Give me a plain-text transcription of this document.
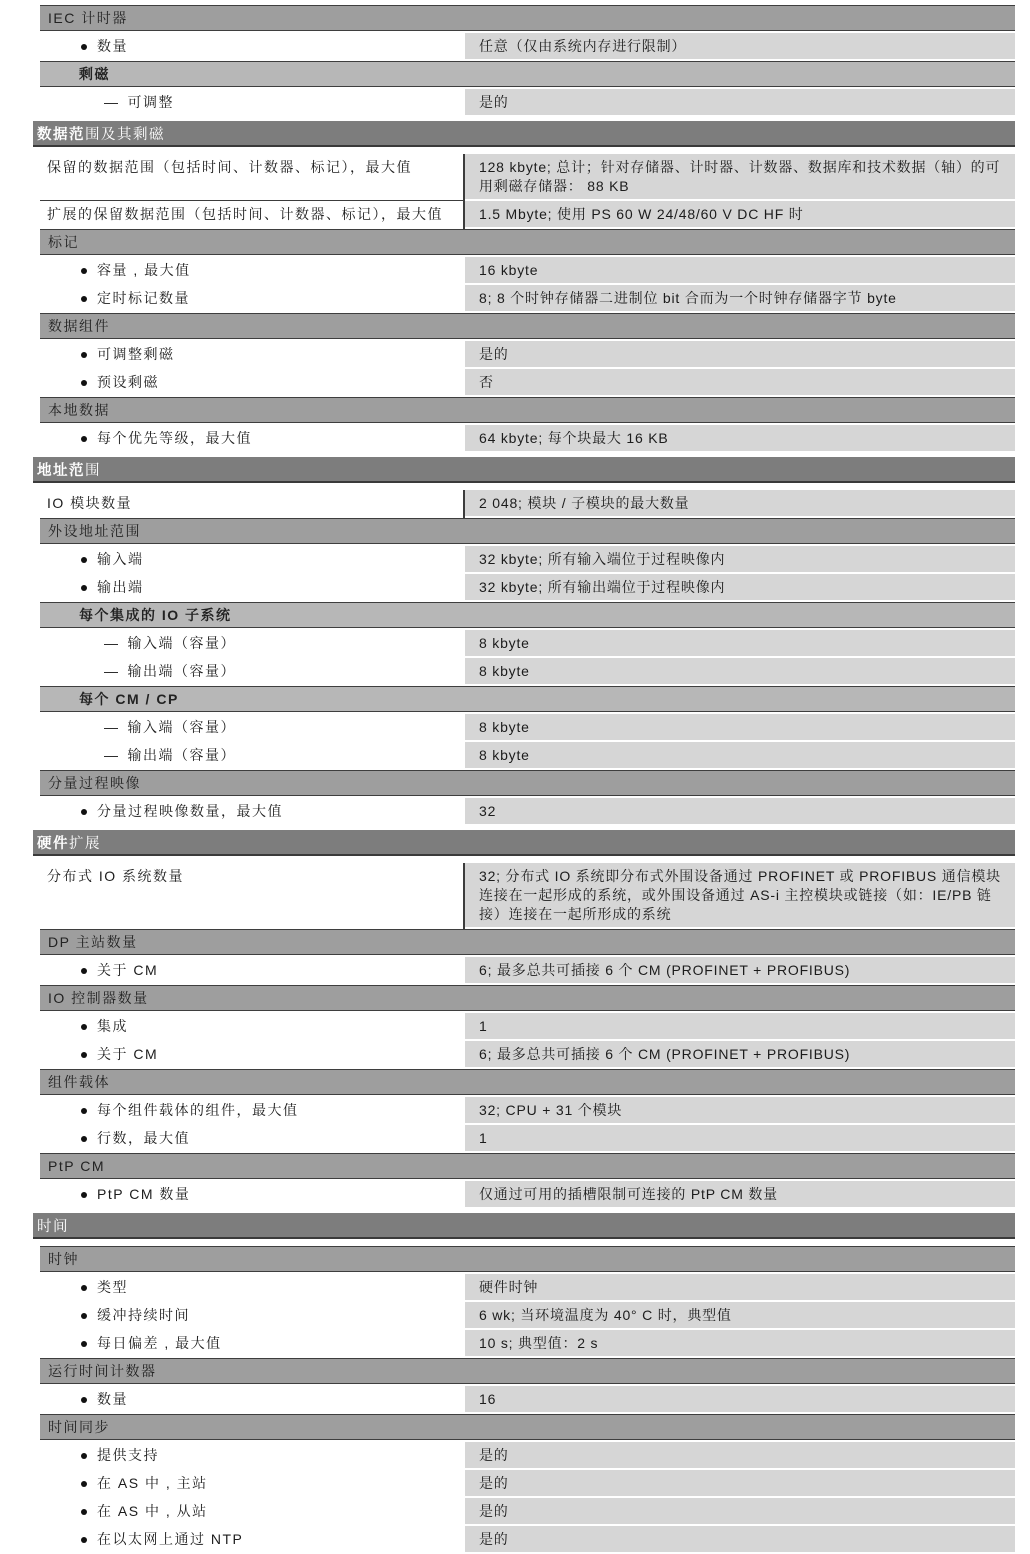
IEC 计时器
数量	任意（仅由系统内存进行限制）
剩磁
— 可调整	是的
数据范 围及其剩磁
保留的数据范围（包括时间、计数器、标记），最大值	128 kbyte; 总计；针对存储器、计时器、计数器、数据库和技术数据（轴）的可用剩磁存储器： 88 KB
扩展的保留数据范围（包括时间、计数器、标记），最大值	1.5 Mbyte; 使用 PS 60 W 24/48/60 V DC HF 时
标记
容量 , 最大值	16 kbyte
定时标记数量	8; 8 个时钟存储器二进制位 bit 合而为一个时钟存储器字节 byte
数据组件
可调整剩磁	是的
预设剩磁	否
本地数据
每个优先等级，最大值	64 kbyte; 每个块最大 16 KB
地址范 围
IO 模块数量	2 048; 模块 / 子模块的最大数量
外设地址范围
输入端	32 kbyte; 所有输入端位于过程映像内
输出端	32 kbyte; 所有输出端位于过程映像内
每个集成的 IO 子系统
— 输入端（容量）	8 kbyte
— 输出端（容量）	8 kbyte
每个 CM / CP
— 输入端（容量）	8 kbyte
— 输出端（容量）	8 kbyte
分量过程映像
分量过程映像数量，最大值	32
硬件 扩展
分布式 IO 系统数量	32; 分布式 IO 系统即分布式外围设备通过 PROFINET 或 PROFIBUS 通信模块连接在一起形成的系统，或外围设备通过 AS-i 主控模块或链接（如：IE/PB 链接）连接在一起所形成的系统
DP 主站数量
关于 CM	6; 最多总共可插接 6 个 CM (PROFINET + PROFIBUS)
IO 控制器数量
集成	1
关于 CM	6; 最多总共可插接 6 个 CM (PROFINET + PROFIBUS)
组件载体
每个组件载体的组件，最大值	32; CPU + 31 个模块
行数，最大值	1
PtP CM
PtP CM 数量	仅通过可用的插槽限制可连接的 PtP CM 数量
时间
时钟
类型	硬件时钟
缓冲持续时间	6 wk; 当环境温度为 40° C 时，典型值
每日偏差 , 最大值	10 s; 典型值：2 s
运行时间计数器
数量	16
时间同步
提供支持	是的
在 AS 中 , 主站	是的
在 AS 中 , 从站	是的
在以太网上通过 NTP	是的
